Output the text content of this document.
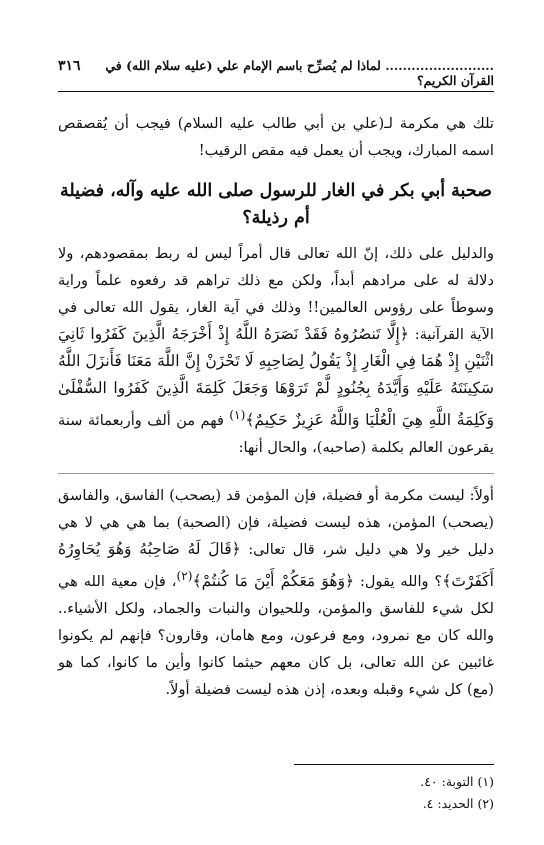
٣١٦	......................... لماذا لم يُصرِّح باسم الإمام علي (عليه سلام الله) في القرآن الكريم؟

تلك هي مكرمة لـ(علي بن أبي طالب عليه السلام) فيجب أن يُقصقص اسمه المبارك، ويجب أن يعمل فيه مقص الرقيب!

صحبة أبي بكر في الغار للرسول صلى الله عليه وآله، فضيلة أم رذيلة؟

والدليل على ذلك، إنّ الله تعالى قال أمراً ليس له ربط بمقصودهم، ولا دلالة له على مرادهم أبداً، ولكن مع ذلك تراهم قد رفعوه علماً وراية وسوطاً على رؤوس العالمين!! وذلك في آية الغار، يقول الله تعالى في الآية القرآنية: ﴿إِلَّا تَنصُرُوهُ فَقَدْ نَصَرَهُ اللَّهُ إِذْ أَخْرَجَهُ الَّذِينَ كَفَرُوا ثَانِيَ اثْنَيْنِ إِذْ هُمَا فِي الْغَارِ إِذْ يَقُولُ لِصَاحِبِهِ لَا تَحْزَنْ إِنَّ اللَّهَ مَعَنَا فَأَنزَلَ اللَّهُ سَكِينَتَهُ عَلَيْهِ وَأَيَّدَهُ بِجُنُودٍ لَّمْ تَرَوْهَا وَجَعَلَ كَلِمَةَ الَّذِينَ كَفَرُوا السُّفْلَىٰ وَكَلِمَةُ اللَّهِ هِيَ الْعُلْيَا وَاللَّهُ عَزِيزٌ حَكِيمٌ﴾$^{(١)}$ فهم من ألف وأربعمائة سنة يقرعون العالم بكلمة (صاحبه)، والحال أنها:

أولاً: ليست مكرمة أو فضيلة، فإن المؤمن قد (يصحب) الفاسق، والفاسق (يصحب) المؤمن، هذه ليست فضيلة، فإن (الصحبة) بما هي هي لا هي دليل خير ولا هي دليل شر، قال تعالى: ﴿قَالَ لَهُ صَاحِبُهُ وَهُوَ يُحَاوِرُهُ أَكَفَرْتَ﴾؟ والله يقول: ﴿وَهُوَ مَعَكُمْ أَيْنَ مَا كُنتُمْ﴾$^{(٢)}$، فإن معية الله هي لكل شيء للفاسق والمؤمن، وللحيوان والنبات والجماد، ولكل الأشياء.. والله كان مع نمرود، ومع فرعون، ومع هامان، وقارون؟ فإنهم لم يكونوا غائبين عن الله تعالى، بل كان معهم حيثما كانوا وأين ما كانوا، كما هو (مع) كل شيء وقبله وبعده، إذن هذه ليست فضيلة أولاً.

(١) التوبة: ٤٠.
(٢) الحديد: ٤.
